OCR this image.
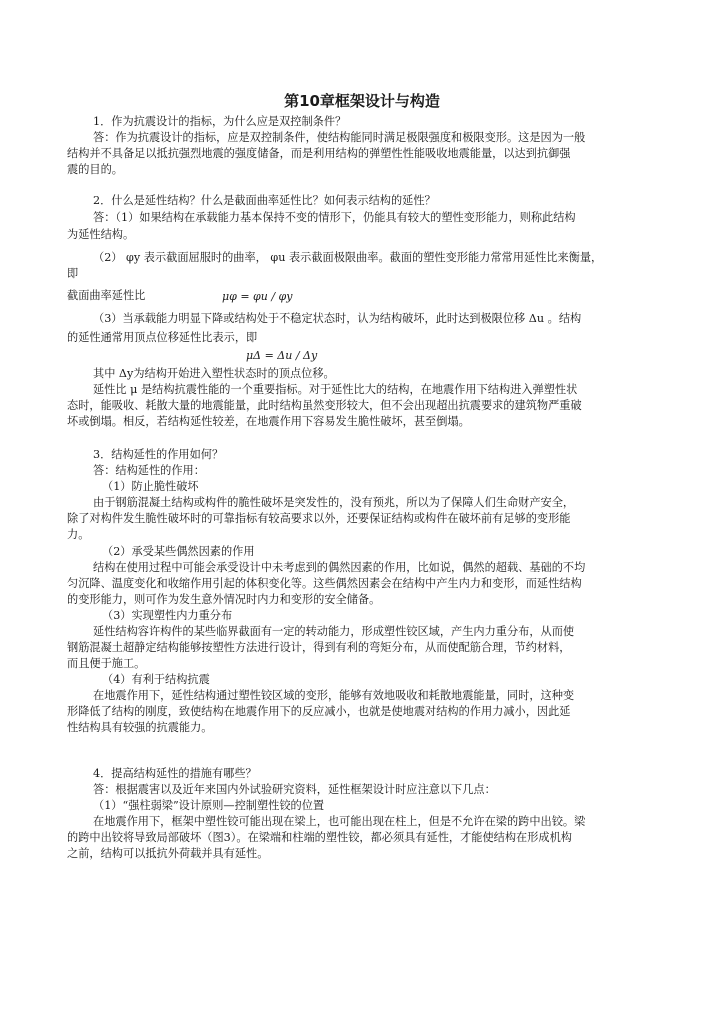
第10章框架设计与构造
1．作为抗震设计的指标，为什么应是双控制条件？
答：作为抗震设计的指标，应是双控制条件，使结构能同时满足极限强度和极限变形。这是因为一般
结构并不具备足以抵抗强烈地震的强度储备，而是利用结构的弹塑性性能吸收地震能量，以达到抗御强
震的目的。
2．什么是延性结构？什么是截面曲率延性比？如何表示结构的延性？
答：（1）如果结构在承载能力基本保持不变的情形下，仍能具有较大的塑性变形能力，则称此结构
为延性结构。
（2） φy 表示截面屈服时的曲率， φu 表示截面极限曲率。截面的塑性变形能力常常用延性比来衡量，
即
截面曲率延性比	μφ = φu / φy
（3）当承载能力明显下降或结构处于不稳定状态时，认为结构破坏，此时达到极限位移 Δu 。结构
的延性通常用顶点位移延性比表示，即
μΔ = Δu / Δy
其中 Δy为结构开始进入塑性状态时的顶点位移。
延性比 μ 是结构抗震性能的一个重要指标。对于延性比大的结构，在地震作用下结构进入弹塑性状
态时，能吸收、耗散大量的地震能量，此时结构虽然变形较大，但不会出现超出抗震要求的建筑物严重破
坏或倒塌。相反，若结构延性较差，在地震作用下容易发生脆性破坏，甚至倒塌。
3．结构延性的作用如何？
答：结构延性的作用：
（1）防止脆性破坏
由于钢筋混凝土结构或构件的脆性破坏是突发性的，没有预兆，所以为了保障人们生命财产安全，
除了对构件发生脆性破坏时的可靠指标有较高要求以外，还要保证结构或构件在破坏前有足够的变形能
力。
（2）承受某些偶然因素的作用
结构在使用过程中可能会承受设计中未考虑到的偶然因素的作用，比如说，偶然的超载、基础的不均
匀沉降、温度变化和收缩作用引起的体积变化等。这些偶然因素会在结构中产生内力和变形，而延性结构
的变形能力，则可作为发生意外情况时内力和变形的安全储备。
（3）实现塑性内力重分布
延性结构容许构件的某些临界截面有一定的转动能力，形成塑性铰区域，产生内力重分布，从而使
钢筋混凝土超静定结构能够按塑性方法进行设计，得到有利的弯矩分布，从而使配筋合理，节约材料，
而且便于施工。
（4）有利于结构抗震
在地震作用下，延性结构通过塑性铰区域的变形，能够有效地吸收和耗散地震能量，同时，这种变
形降低了结构的刚度，致使结构在地震作用下的反应减小，也就是使地震对结构的作用力减小，因此延
性结构具有较强的抗震能力。
4．提高结构延性的措施有哪些？
答：根据震害以及近年来国内外试验研究资料，延性框架设计时应注意以下几点：
（1）“强柱弱梁”设计原则—控制塑性铰的位置
在地震作用下，框架中塑性铰可能出现在梁上，也可能出现在柱上，但是不允许在梁的跨中出铰。梁
的跨中出铰将导致局部破坏（图3）。在梁端和柱端的塑性铰，都必须具有延性，才能使结构在形成机构
之前，结构可以抵抗外荷载并具有延性。
